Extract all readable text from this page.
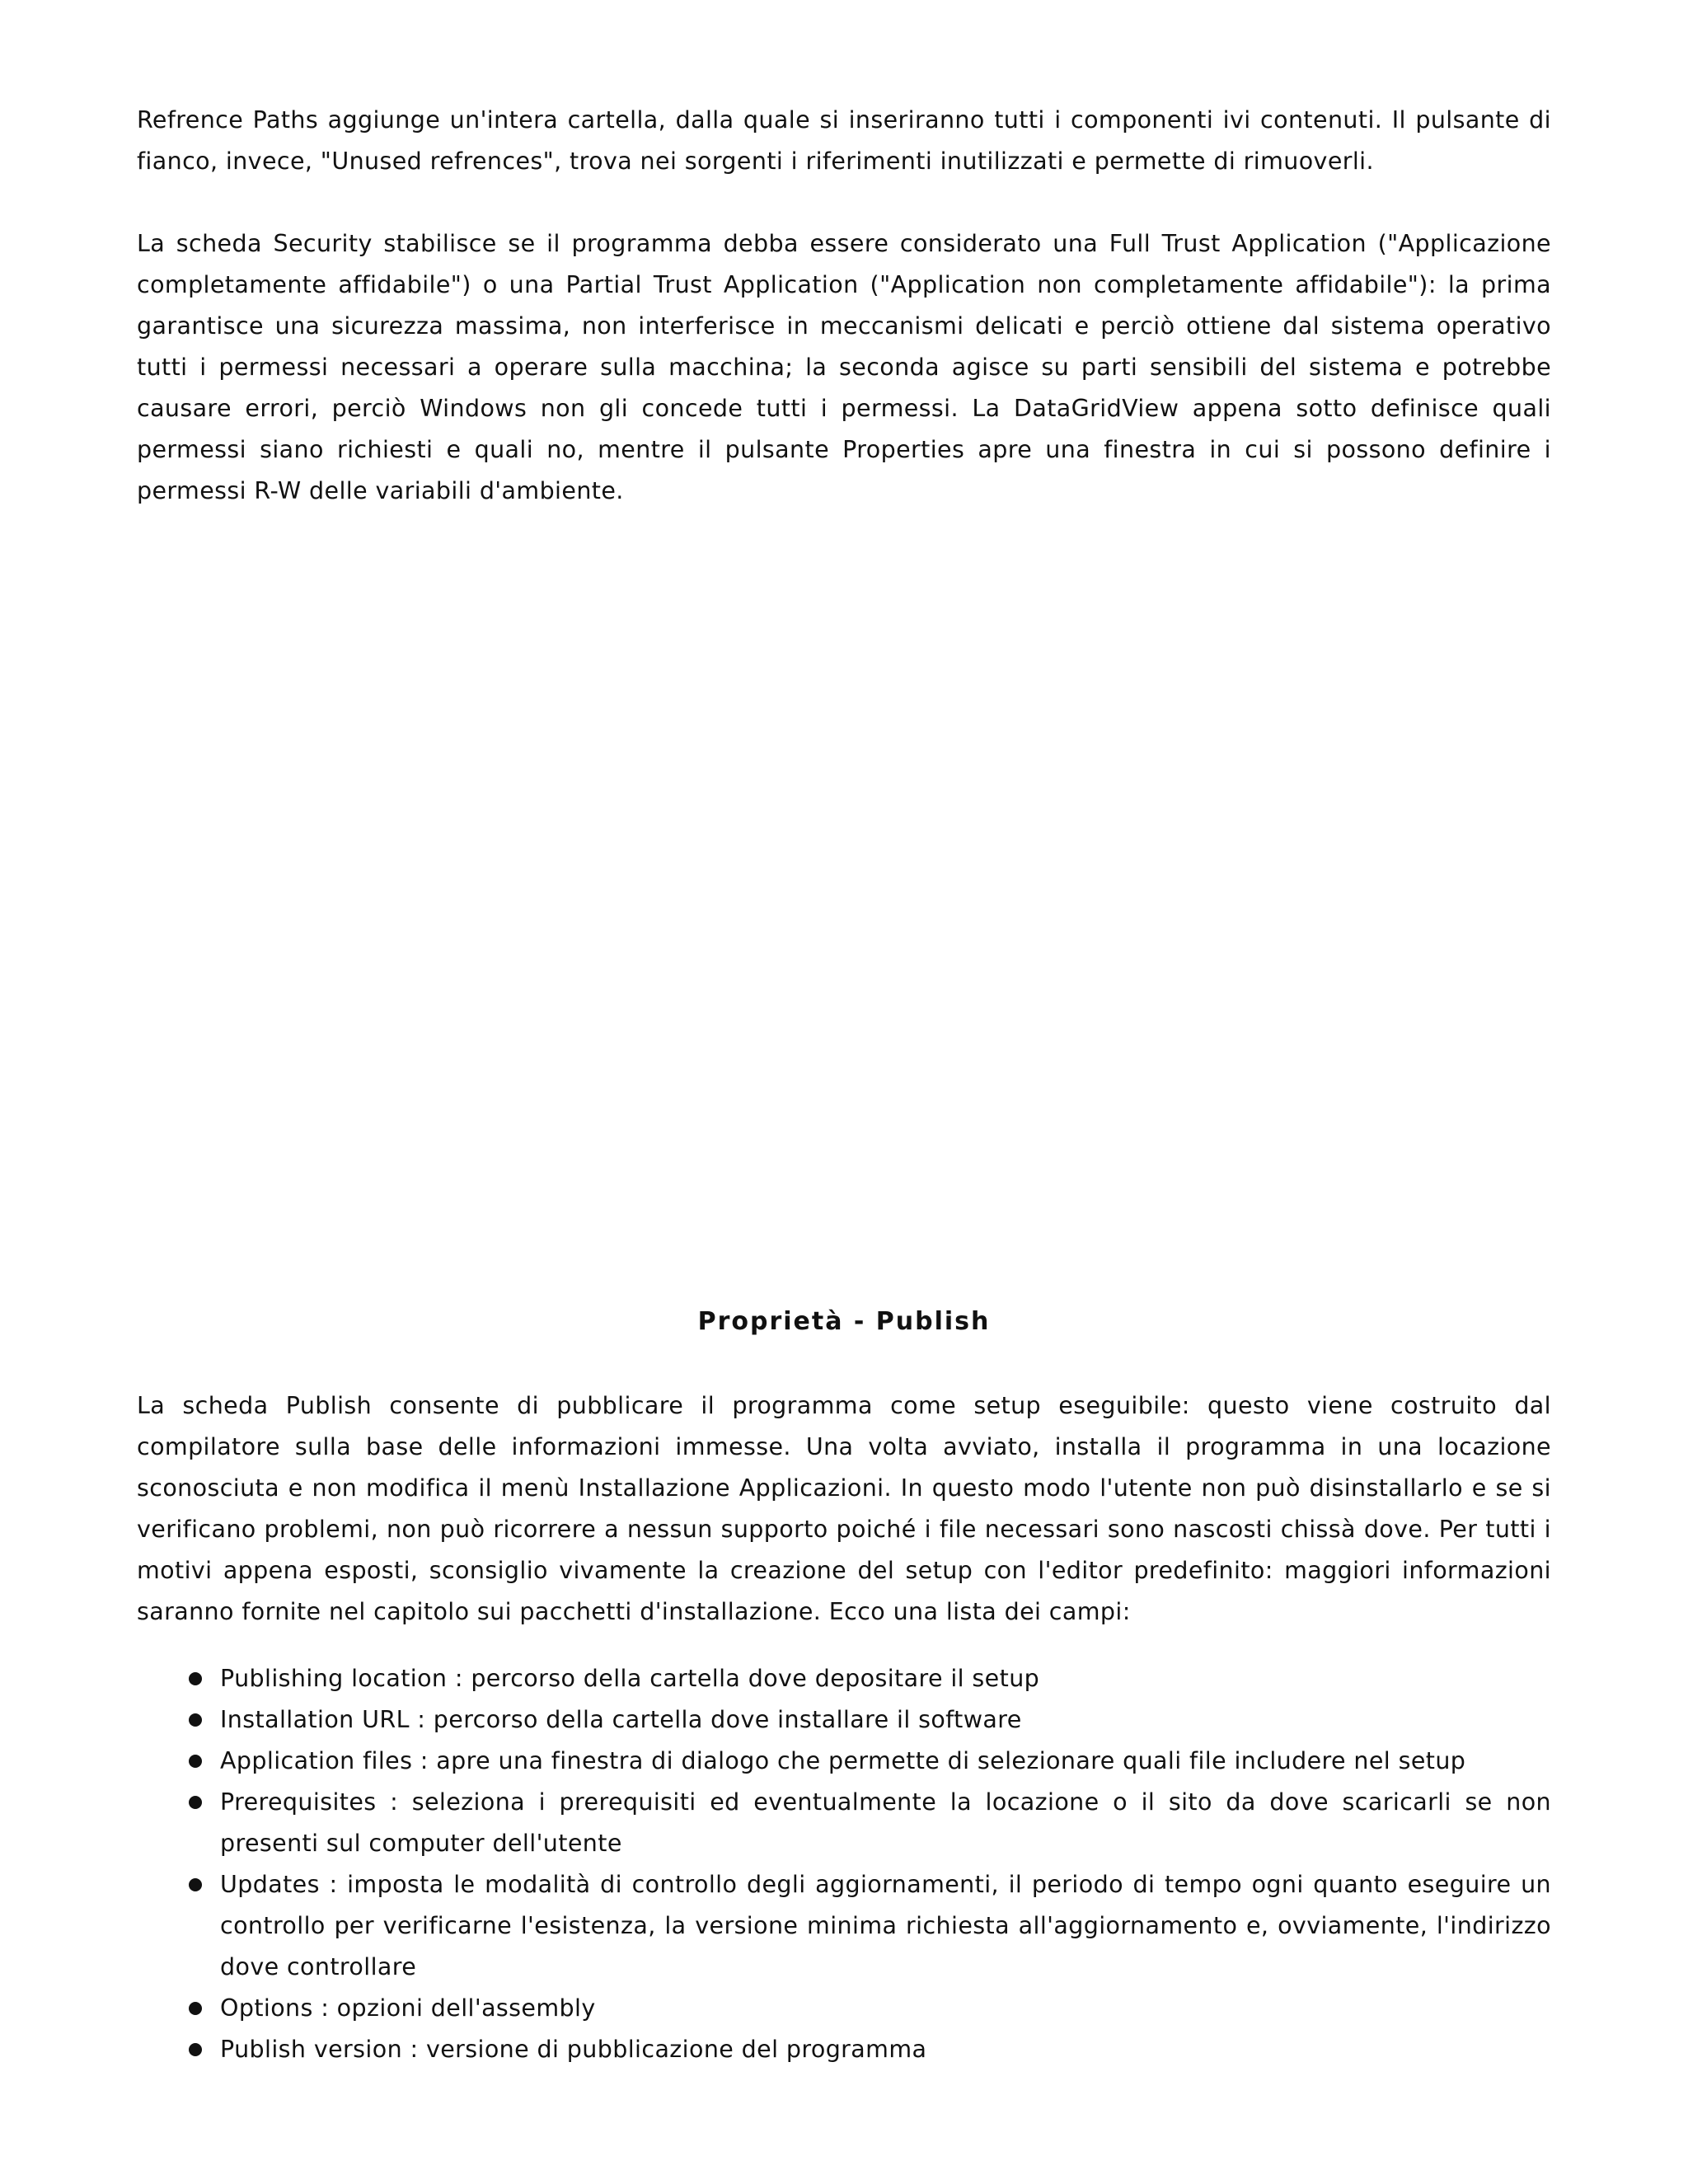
Refrence Paths aggiunge un'intera cartella, dalla quale si inseriranno tutti i componenti ivi contenuti. Il pulsante di fianco, invece, "Unused refrences", trova nei sorgenti i riferimenti inutilizzati e permette di rimuoverli.

La scheda Security stabilisce se il programma debba essere considerato una Full Trust Application ("Applicazione completamente affidabile") o una Partial Trust Application ("Application non completamente affidabile"): la prima garantisce una sicurezza massima, non interferisce in meccanismi delicati e perciò ottiene dal sistema operativo tutti i permessi necessari a operare sulla macchina; la seconda agisce su parti sensibili del sistema e potrebbe causare errori, perciò Windows non gli concede tutti i permessi. La DataGridView appena sotto definisce quali permessi siano richiesti e quali no, mentre il pulsante Properties apre una finestra in cui si possono definire i permessi R-W delle variabili d'ambiente.

Proprietà - Publish

La scheda Publish consente di pubblicare il programma come setup eseguibile: questo viene costruito dal compilatore sulla base delle informazioni immesse. Una volta avviato, installa il programma in una locazione sconosciuta e non modifica il menù Installazione Applicazioni. In questo modo l'utente non può disinstallarlo e se si verificano problemi, non può ricorrere a nessun supporto poiché i file necessari sono nascosti chissà dove. Per tutti i motivi appena esposti, sconsiglio vivamente la creazione del setup con l'editor predefinito: maggiori informazioni saranno fornite nel capitolo sui pacchetti d'installazione. Ecco una lista dei campi:

Publishing location : percorso della cartella dove depositare il setup
Installation URL : percorso della cartella dove installare il software
Application files : apre una finestra di dialogo che permette di selezionare quali file includere nel setup
Prerequisites : seleziona i prerequisiti ed eventualmente la locazione o il sito da dove scaricarli se non presenti sul computer dell'utente
Updates : imposta le modalità di controllo degli aggiornamenti, il periodo di tempo ogni quanto eseguire un controllo per verificarne l'esistenza, la versione minima richiesta all'aggiornamento e, ovviamente, l'indirizzo dove controllare
Options : opzioni dell'assembly
Publish version : versione di pubblicazione del programma
